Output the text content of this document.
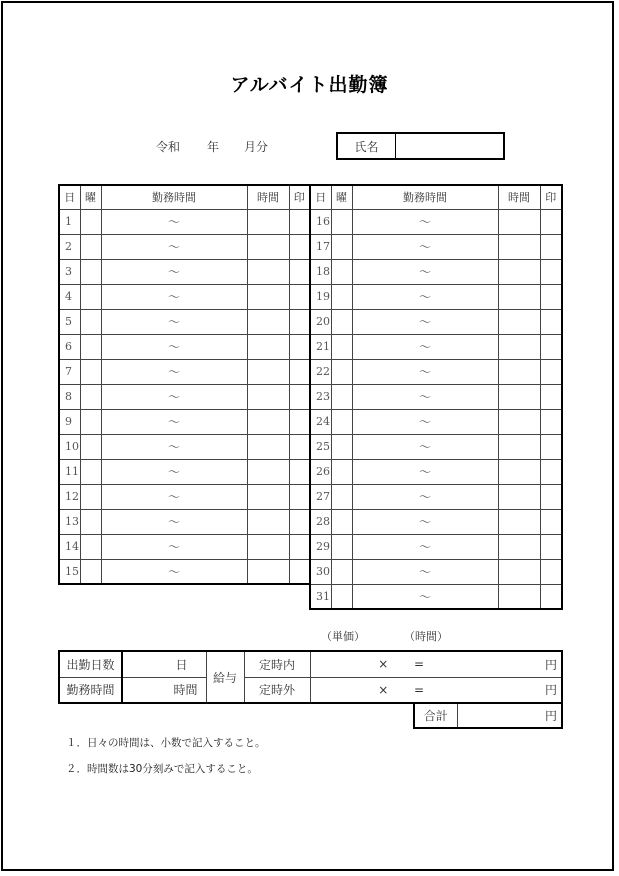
アルバイト出勤簿
令和 年 月分	氏名
日	曜	勤務時間	時間	印
1		〜		
2		〜		
3		〜		
4		〜		
5		〜		
6		〜		
7		〜		
8		〜		
9		〜		
10		〜		
11		〜		
12		〜		
13		〜		
14		〜		
15		〜		
日	曜	勤務時間	時間	印
16		〜		
17		〜		
18		〜		
19		〜		
20		〜		
21		〜		
22		〜		
23		〜		
24		〜		
25		〜		
26		〜		
27		〜		
28		〜		
29		〜		
30		〜		
31		〜		
（単価）	（時間）
出勤日数	日	給与	定時内	×	=	円
勤務時間	時間		定時外	×	=	円
合計	円
１．日々の時間は、小数で記入すること。
２．時間数は30分刻みで記入すること。
